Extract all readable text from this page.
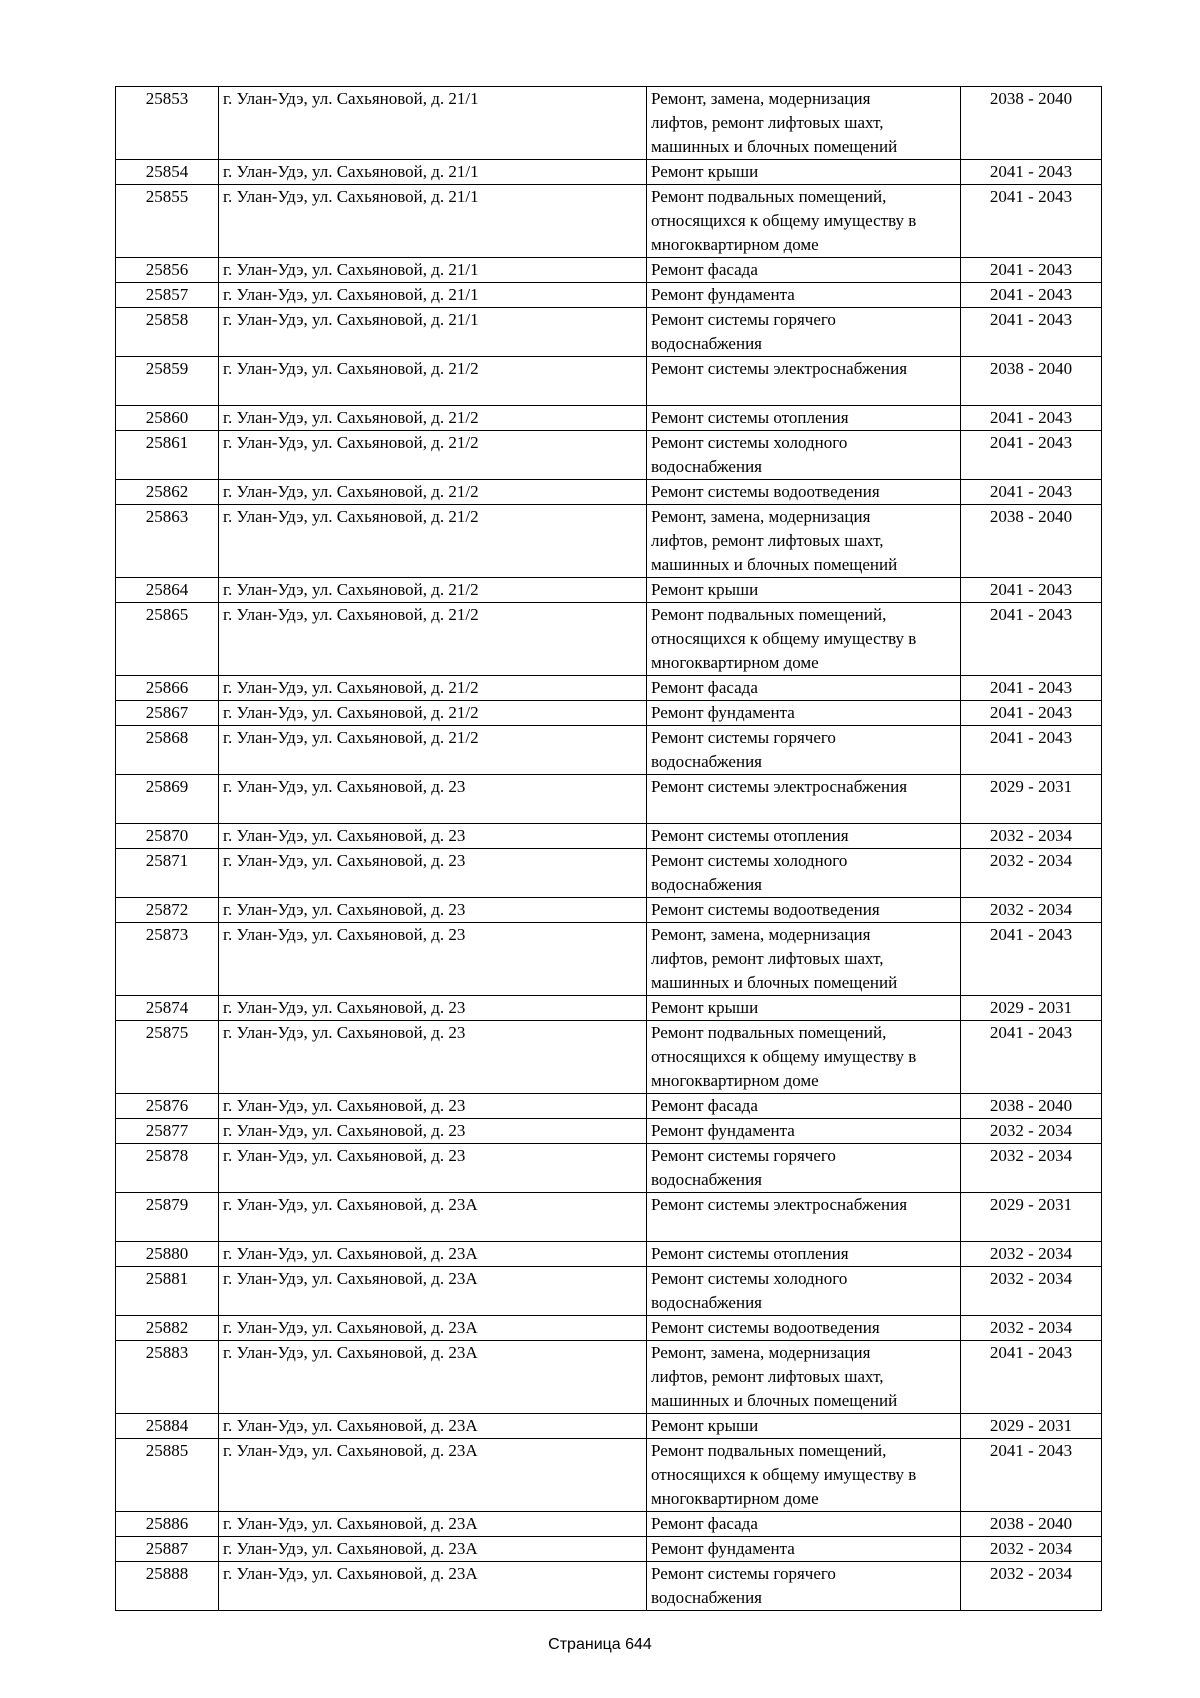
25853	г. Улан-Удэ, ул. Сахьяновой, д. 21/1	Ремонт, замена, модернизация
лифтов, ремонт лифтовых шахт,
машинных и блочных помещений	2038 - 2040
25854	г. Улан-Удэ, ул. Сахьяновой, д. 21/1	Ремонт крыши	2041 - 2043
25855	г. Улан-Удэ, ул. Сахьяновой, д. 21/1	Ремонт подвальных помещений,
относящихся к общему имуществу в
многоквартирном доме	2041 - 2043
25856	г. Улан-Удэ, ул. Сахьяновой, д. 21/1	Ремонт фасада	2041 - 2043
25857	г. Улан-Удэ, ул. Сахьяновой, д. 21/1	Ремонт фундамента	2041 - 2043
25858	г. Улан-Удэ, ул. Сахьяновой, д. 21/1	Ремонт системы горячего
водоснабжения	2041 - 2043
25859	г. Улан-Удэ, ул. Сахьяновой, д. 21/2	Ремонт системы электроснабжения	2038 - 2040
25860	г. Улан-Удэ, ул. Сахьяновой, д. 21/2	Ремонт системы отопления	2041 - 2043
25861	г. Улан-Удэ, ул. Сахьяновой, д. 21/2	Ремонт системы холодного
водоснабжения	2041 - 2043
25862	г. Улан-Удэ, ул. Сахьяновой, д. 21/2	Ремонт системы водоотведения	2041 - 2043
25863	г. Улан-Удэ, ул. Сахьяновой, д. 21/2	Ремонт, замена, модернизация
лифтов, ремонт лифтовых шахт,
машинных и блочных помещений	2038 - 2040
25864	г. Улан-Удэ, ул. Сахьяновой, д. 21/2	Ремонт крыши	2041 - 2043
25865	г. Улан-Удэ, ул. Сахьяновой, д. 21/2	Ремонт подвальных помещений,
относящихся к общему имуществу в
многоквартирном доме	2041 - 2043
25866	г. Улан-Удэ, ул. Сахьяновой, д. 21/2	Ремонт фасада	2041 - 2043
25867	г. Улан-Удэ, ул. Сахьяновой, д. 21/2	Ремонт фундамента	2041 - 2043
25868	г. Улан-Удэ, ул. Сахьяновой, д. 21/2	Ремонт системы горячего
водоснабжения	2041 - 2043
25869	г. Улан-Удэ, ул. Сахьяновой, д. 23	Ремонт системы электроснабжения	2029 - 2031
25870	г. Улан-Удэ, ул. Сахьяновой, д. 23	Ремонт системы отопления	2032 - 2034
25871	г. Улан-Удэ, ул. Сахьяновой, д. 23	Ремонт системы холодного
водоснабжения	2032 - 2034
25872	г. Улан-Удэ, ул. Сахьяновой, д. 23	Ремонт системы водоотведения	2032 - 2034
25873	г. Улан-Удэ, ул. Сахьяновой, д. 23	Ремонт, замена, модернизация
лифтов, ремонт лифтовых шахт,
машинных и блочных помещений	2041 - 2043
25874	г. Улан-Удэ, ул. Сахьяновой, д. 23	Ремонт крыши	2029 - 2031
25875	г. Улан-Удэ, ул. Сахьяновой, д. 23	Ремонт подвальных помещений,
относящихся к общему имуществу в
многоквартирном доме	2041 - 2043
25876	г. Улан-Удэ, ул. Сахьяновой, д. 23	Ремонт фасада	2038 - 2040
25877	г. Улан-Удэ, ул. Сахьяновой, д. 23	Ремонт фундамента	2032 - 2034
25878	г. Улан-Удэ, ул. Сахьяновой, д. 23	Ремонт системы горячего
водоснабжения	2032 - 2034
25879	г. Улан-Удэ, ул. Сахьяновой, д. 23А	Ремонт системы электроснабжения	2029 - 2031
25880	г. Улан-Удэ, ул. Сахьяновой, д. 23А	Ремонт системы отопления	2032 - 2034
25881	г. Улан-Удэ, ул. Сахьяновой, д. 23А	Ремонт системы холодного
водоснабжения	2032 - 2034
25882	г. Улан-Удэ, ул. Сахьяновой, д. 23А	Ремонт системы водоотведения	2032 - 2034
25883	г. Улан-Удэ, ул. Сахьяновой, д. 23А	Ремонт, замена, модернизация
лифтов, ремонт лифтовых шахт,
машинных и блочных помещений	2041 - 2043
25884	г. Улан-Удэ, ул. Сахьяновой, д. 23А	Ремонт крыши	2029 - 2031
25885	г. Улан-Удэ, ул. Сахьяновой, д. 23А	Ремонт подвальных помещений,
относящихся к общему имуществу в
многоквартирном доме	2041 - 2043
25886	г. Улан-Удэ, ул. Сахьяновой, д. 23А	Ремонт фасада	2038 - 2040
25887	г. Улан-Удэ, ул. Сахьяновой, д. 23А	Ремонт фундамента	2032 - 2034
25888	г. Улан-Удэ, ул. Сахьяновой, д. 23А	Ремонт системы горячего
водоснабжения	2032 - 2034
Страница 644
